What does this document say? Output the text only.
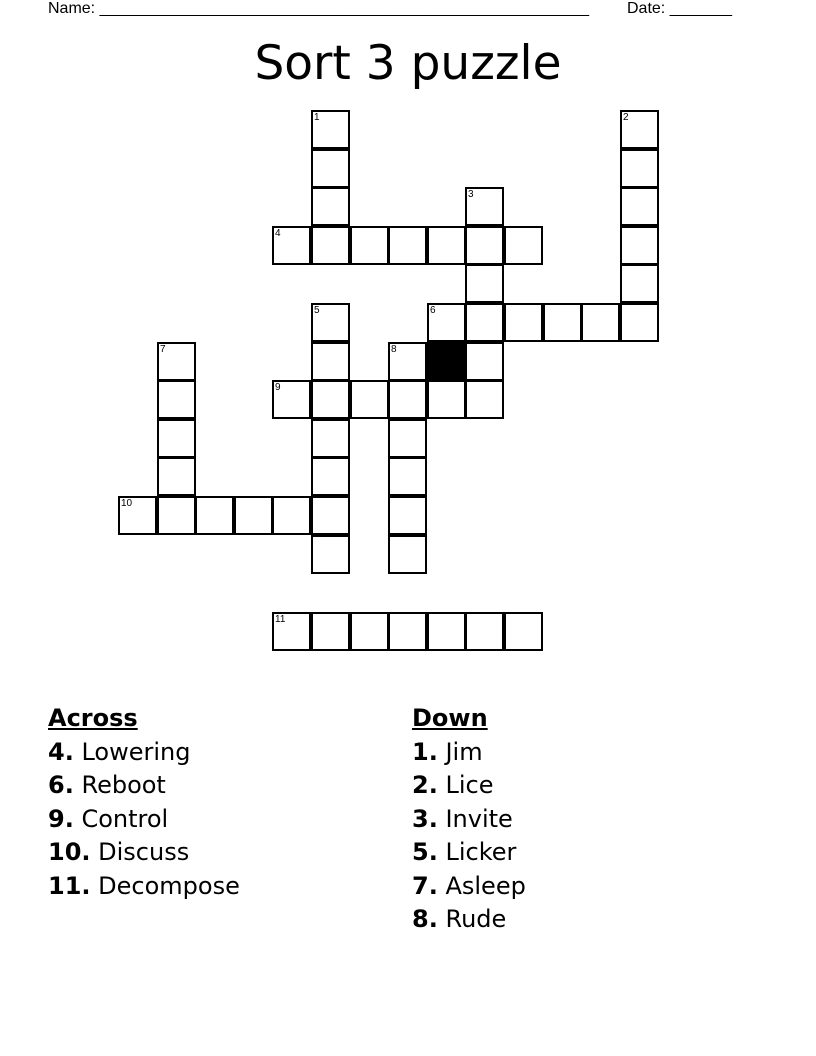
Name: _______________________________________________________ Date: _______
Sort 3 puzzle
1	2
3
4
5	6
7	8
9
10
11
Across
4. Lowering
6. Reboot
9. Control
10. Discuss
11. Decompose
Down
1. Jim
2. Lice
3. Invite
5. Licker
7. Asleep
8. Rude
